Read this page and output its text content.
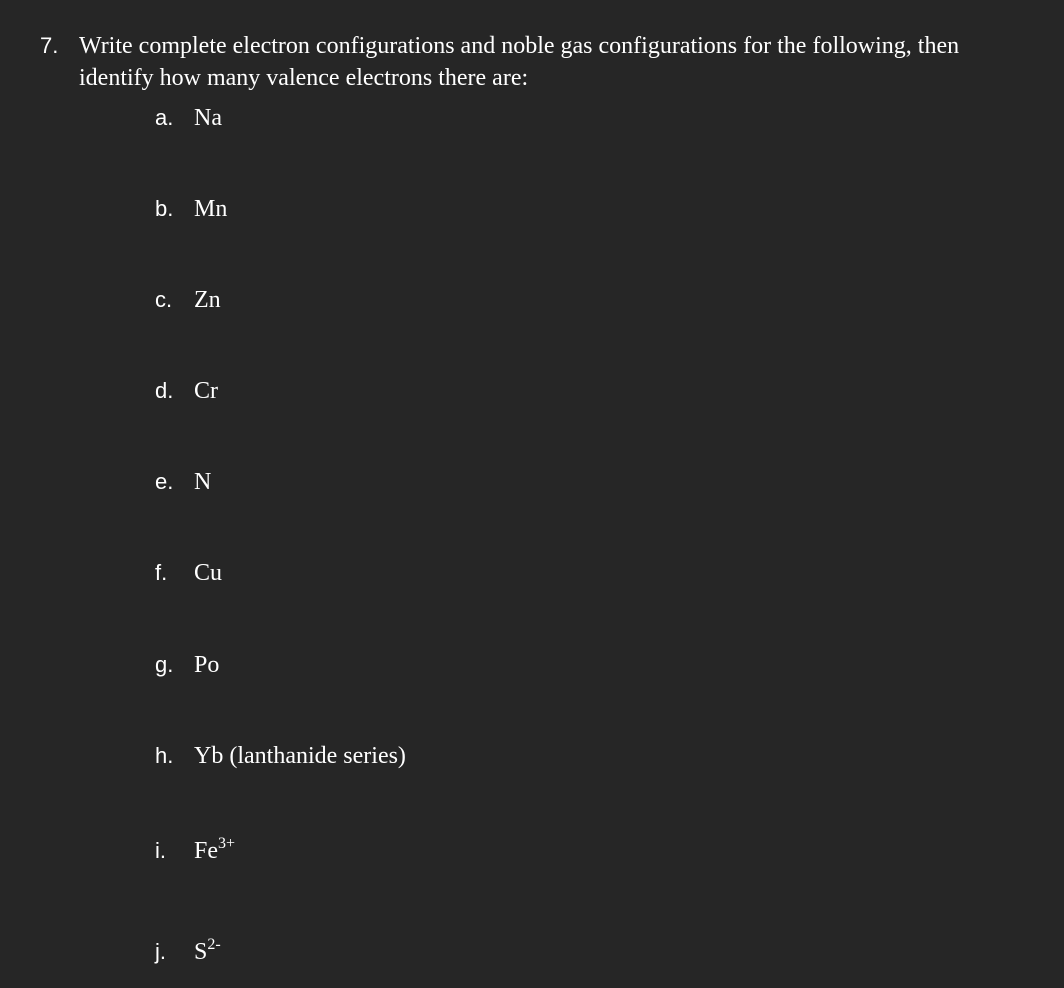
7. Write complete electron configurations and noble gas configurations for the following, then identify how many valence electrons there are:
a. Na
b. Mn
c. Zn
d. Cr
e. N
f. Cu
g. Po
h. Yb (lanthanide series)
i. $Fe^{3+}$
j. $S^{2-}$
